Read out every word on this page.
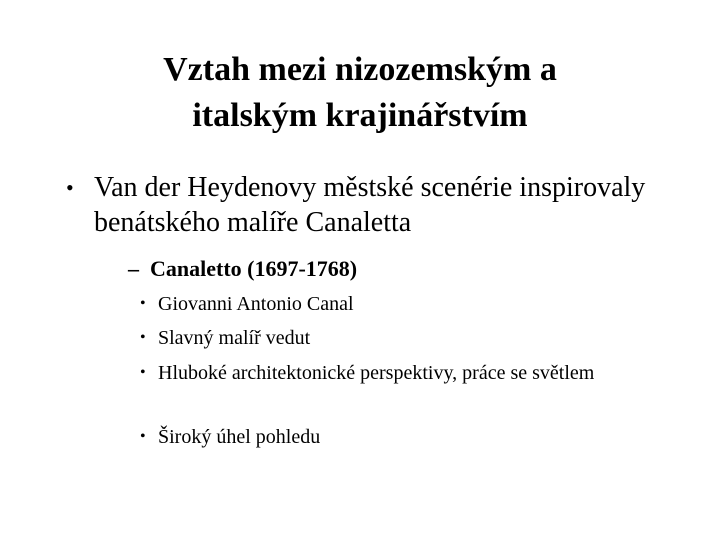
Vztah mezi nizozemským a
italským krajinářstvím
• Van der Heydenovy městské scenérie inspirovaly benátského malíře Canaletta
– Canaletto (1697-1768)
• Giovanni Antonio Canal
• Slavný malíř vedut
• Hluboké architektonické perspektivy, práce se světlem
• Široký úhel pohledu
